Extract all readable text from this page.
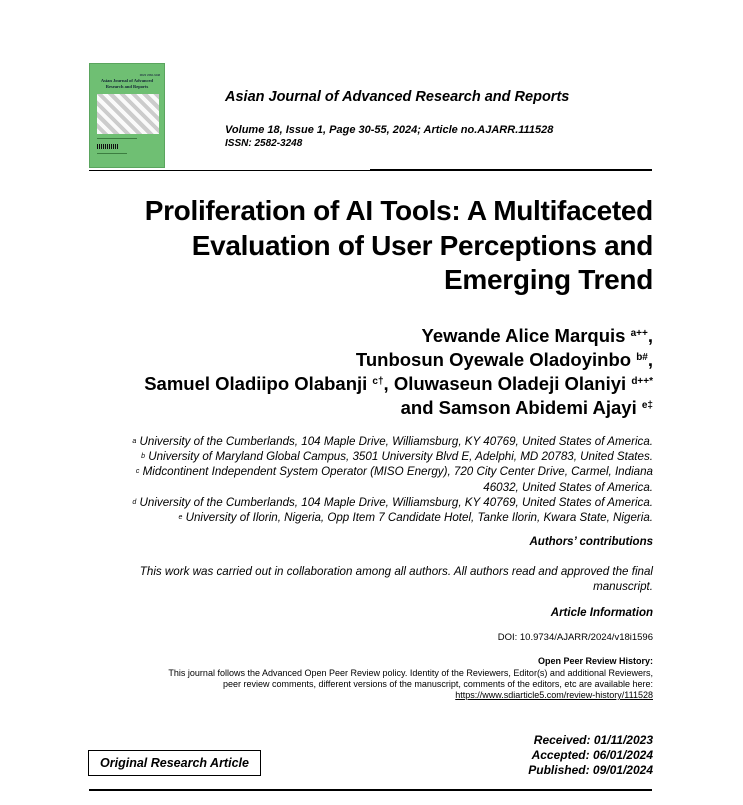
ISSN 2582-3248
Asian Journal of Advanced
Research and Reports
Asian Journal of Advanced Research and Reports
Volume 18, Issue 1, Page 30-55, 2024; Article no.AJARR.111528
ISSN: 2582-3248
Proliferation of AI Tools: A Multifaceted
Evaluation of User Perceptions and
Emerging Trend
Yewande Alice Marquis $^{a++}$,
Tunbosun Oyewale Oladoyinbo $^{b\#}$,
Samuel Oladiipo Olabanji $^{c\dagger}$, Oluwaseun Oladeji Olaniyi $^{d++*}$
and Samson Abidemi Ajayi $^{e\ddagger}$
$^a$ University of the Cumberlands, 104 Maple Drive, Williamsburg, KY 40769, United States of America.
$^b$ University of Maryland Global Campus, 3501 University Blvd E, Adelphi, MD 20783, United States.
$^c$ Midcontinent Independent System Operator (MISO Energy), 720 City Center Drive, Carmel, Indiana
46032, United States of America.
$^d$ University of the Cumberlands, 104 Maple Drive, Williamsburg, KY 40769, United States of America.
$^e$ University of Ilorin, Nigeria, Opp Item 7 Candidate Hotel, Tanke Ilorin, Kwara State, Nigeria.
Authors’ contributions
This work was carried out in collaboration among all authors. All authors read and approved the final
manuscript.
Article Information
DOI: 10.9734/AJARR/2024/v18i1596
Open Peer Review History:
This journal follows the Advanced Open Peer Review policy. Identity of the Reviewers, Editor(s) and additional Reviewers,
peer review comments, different versions of the manuscript, comments of the editors, etc are available here:
https://www.sdiarticle5.com/review-history/111528
Original Research Article
Received: 01/11/2023
Accepted: 06/01/2024
Published: 09/01/2024
